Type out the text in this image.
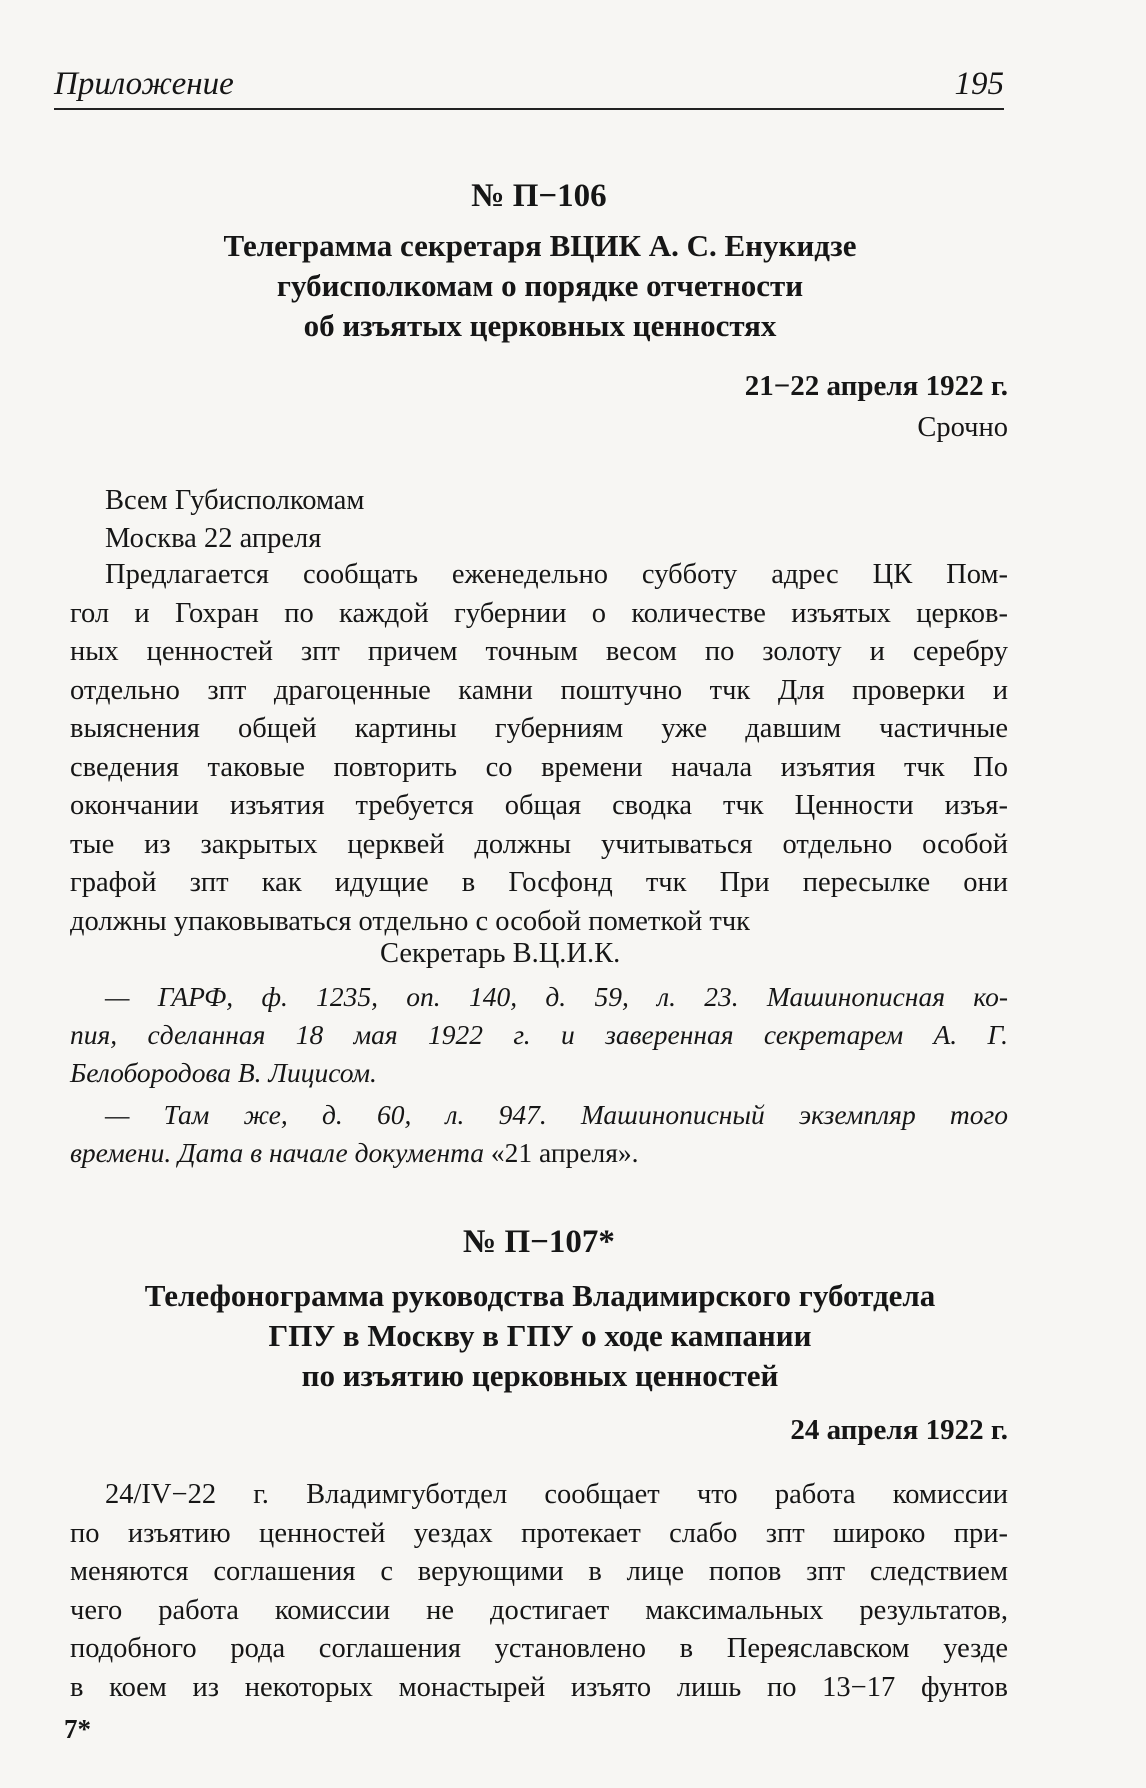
Приложение	195
№ П−106
Телеграмма секретаря ВЦИК А. С. Енукидзе
губисполкомам о порядке отчетности
об изъятых церковных ценностях
21−22 апреля 1922 г.
Срочно
Всем Губисполкомам
Москва 22 апреля
Предлагается сообщать еженедельно субботу адрес ЦК Пом-
гол и Гохран по каждой губернии о количестве изъятых церков-
ных ценностей зпт причем точным весом по золоту и серебру
отдельно зпт драгоценные камни поштучно тчк Для проверки и
выяснения общей картины губерниям уже давшим частичные
сведения таковые повторить со времени начала изъятия тчк По
окончании изъятия требуется общая сводка тчк Ценности изъя-
тые из закрытых церквей должны учитываться отдельно особой
графой зпт как идущие в Госфонд тчк При пересылке они
должны упаковываться отдельно с особой пометкой тчк
Секретарь В.Ц.И.К.
— ГАРФ, ф. 1235, оп. 140, д. 59, л. 23. Машинописная ко-
пия, сделанная 18 мая 1922 г. и заверенная секретарем А. Г.
Белобородова В. Лицисом.
— Там же, д. 60, л. 947. Машинописный экземпляр того
времени. Дата в начале документа «21 апреля».
№ П−107*
Телефонограмма руководства Владимирского губотдела
ГПУ в Москву в ГПУ о ходе кампании
по изъятию церковных ценностей
24 апреля 1922 г.
24/IV−22 г. Владимгуботдел сообщает что работа комиссии
по изъятию ценностей уездах протекает слабо зпт широко при-
меняются соглашения с верующими в лице попов зпт следствием
чего работа комиссии не достигает максимальных результатов,
подобного рода соглашения установлено в Переяславском уезде
в коем из некоторых монастырей изъято лишь по 13−17 фунтов
7*
